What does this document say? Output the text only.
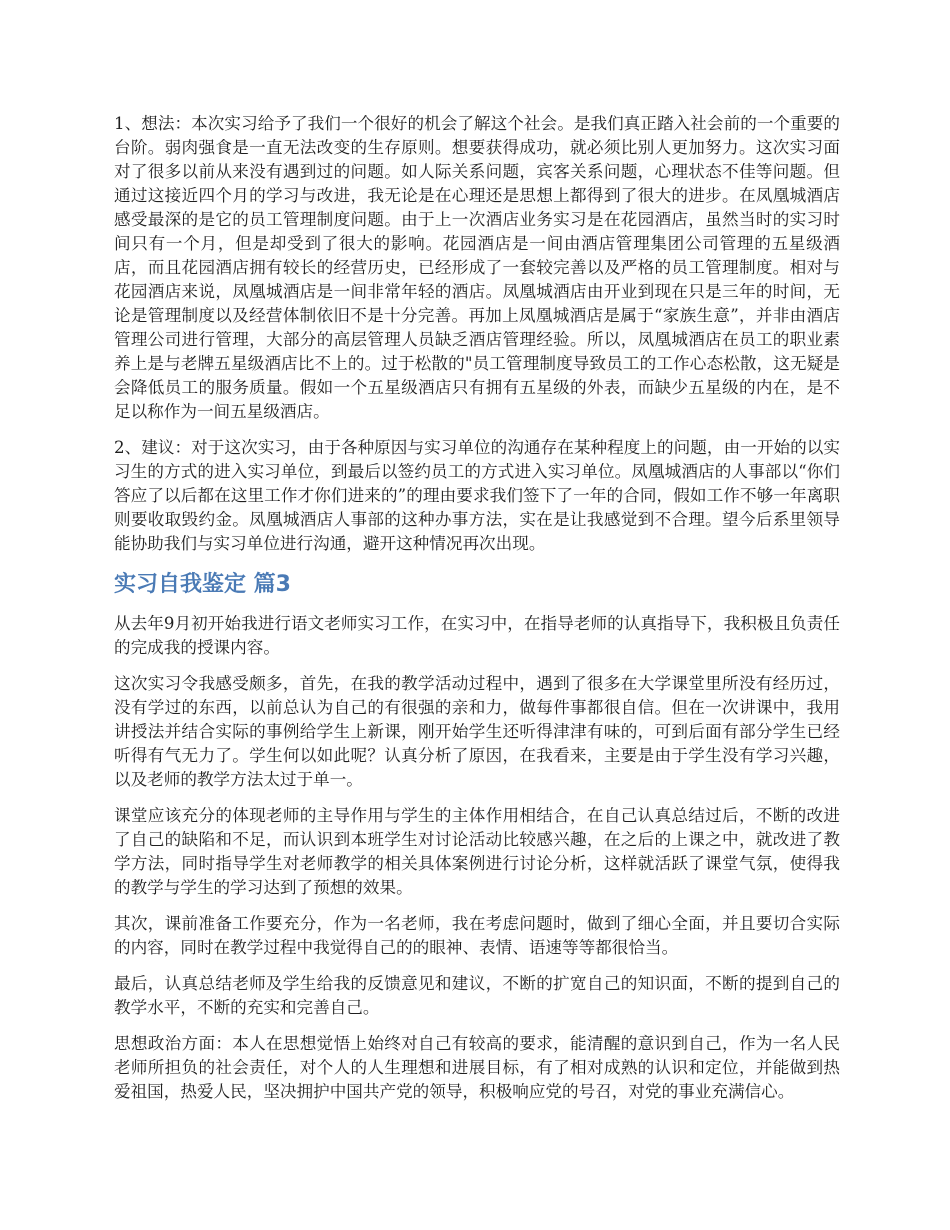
1、想法：本次实习给予了我们一个很好的机会了解这个社会。是我们真正踏入社会前的一个重要的台阶。弱肉强食是一直无法改变的生存原则。想要获得成功，就必须比别人更加努力。这次实习面对了很多以前从来没有遇到过的问题。如人际关系问题，宾客关系问题，心理状态不佳等问题。但通过这接近四个月的学习与改进，我无论是在心理还是思想上都得到了很大的进步。在凤凰城酒店感受最深的是它的员工管理制度问题。由于上一次酒店业务实习是在花园酒店，虽然当时的实习时间只有一个月，但是却受到了很大的影响。花园酒店是一间由酒店管理集团公司管理的五星级酒店，而且花园酒店拥有较长的经营历史，已经形成了一套较完善以及严格的员工管理制度。相对与花园酒店来说，凤凰城酒店是一间非常年轻的酒店。凤凰城酒店由开业到现在只是三年的时间，无论是管理制度以及经营体制依旧不是十分完善。再加上凤凰城酒店是属于“家族生意”，并非由酒店管理公司进行管理，大部分的高层管理人员缺乏酒店管理经验。所以，凤凰城酒店在员工的职业素养上是与老牌五星级酒店比不上的。过于松散的"员工管理制度导致员工的工作心态松散，这无疑是会降低员工的服务质量。假如一个五星级酒店只有拥有五星级的外表，而缺少五星级的内在，是不足以称作为一间五星级酒店。

2、建议：对于这次实习，由于各种原因与实习单位的沟通存在某种程度上的问题，由一开始的以实习生的方式的进入实习单位，到最后以签约员工的方式进入实习单位。凤凰城酒店的人事部以“你们答应了以后都在这里工作才你们进来的”的理由要求我们签下了一年的合同，假如工作不够一年离职则要收取毁约金。凤凰城酒店人事部的这种办事方法，实在是让我感觉到不合理。望今后系里领导能协助我们与实习单位进行沟通，避开这种情况再次出现。

实习自我鉴定 篇3

从去年9月初开始我进行语文老师实习工作，在实习中，在指导老师的认真指导下，我积极且负责任的完成我的授课内容。

这次实习令我感受颇多，首先，在我的教学活动过程中，遇到了很多在大学课堂里所没有经历过，没有学过的东西，以前总认为自己的有很强的亲和力，做每件事都很自信。但在一次讲课中，我用讲授法并结合实际的事例给学生上新课，刚开始学生还听得津津有味的，可到后面有部分学生已经听得有气无力了。学生何以如此呢？认真分析了原因，在我看来，主要是由于学生没有学习兴趣，以及老师的教学方法太过于单一。

课堂应该充分的体现老师的主导作用与学生的主体作用相结合，在自己认真总结过后，不断的改进了自己的缺陷和不足，而认识到本班学生对讨论活动比较感兴趣，在之后的上课之中，就改进了教学方法，同时指导学生对老师教学的相关具体案例进行讨论分析，这样就活跃了课堂气氛，使得我的教学与学生的学习达到了预想的效果。

其次，课前准备工作要充分，作为一名老师，我在考虑问题时，做到了细心全面，并且要切合实际的内容，同时在教学过程中我觉得自己的的眼神、表情、语速等等都很恰当。

最后，认真总结老师及学生给我的反馈意见和建议，不断的扩宽自己的知识面，不断的提到自己的教学水平，不断的充实和完善自己。

思想政治方面：本人在思想觉悟上始终对自己有较高的要求，能清醒的意识到自己，作为一名人民老师所担负的社会责任，对个人的人生理想和进展目标，有了相对成熟的认识和定位，并能做到热爱祖国，热爱人民，坚决拥护中国共产党的领导，积极响应党的号召，对党的事业充满信心。
